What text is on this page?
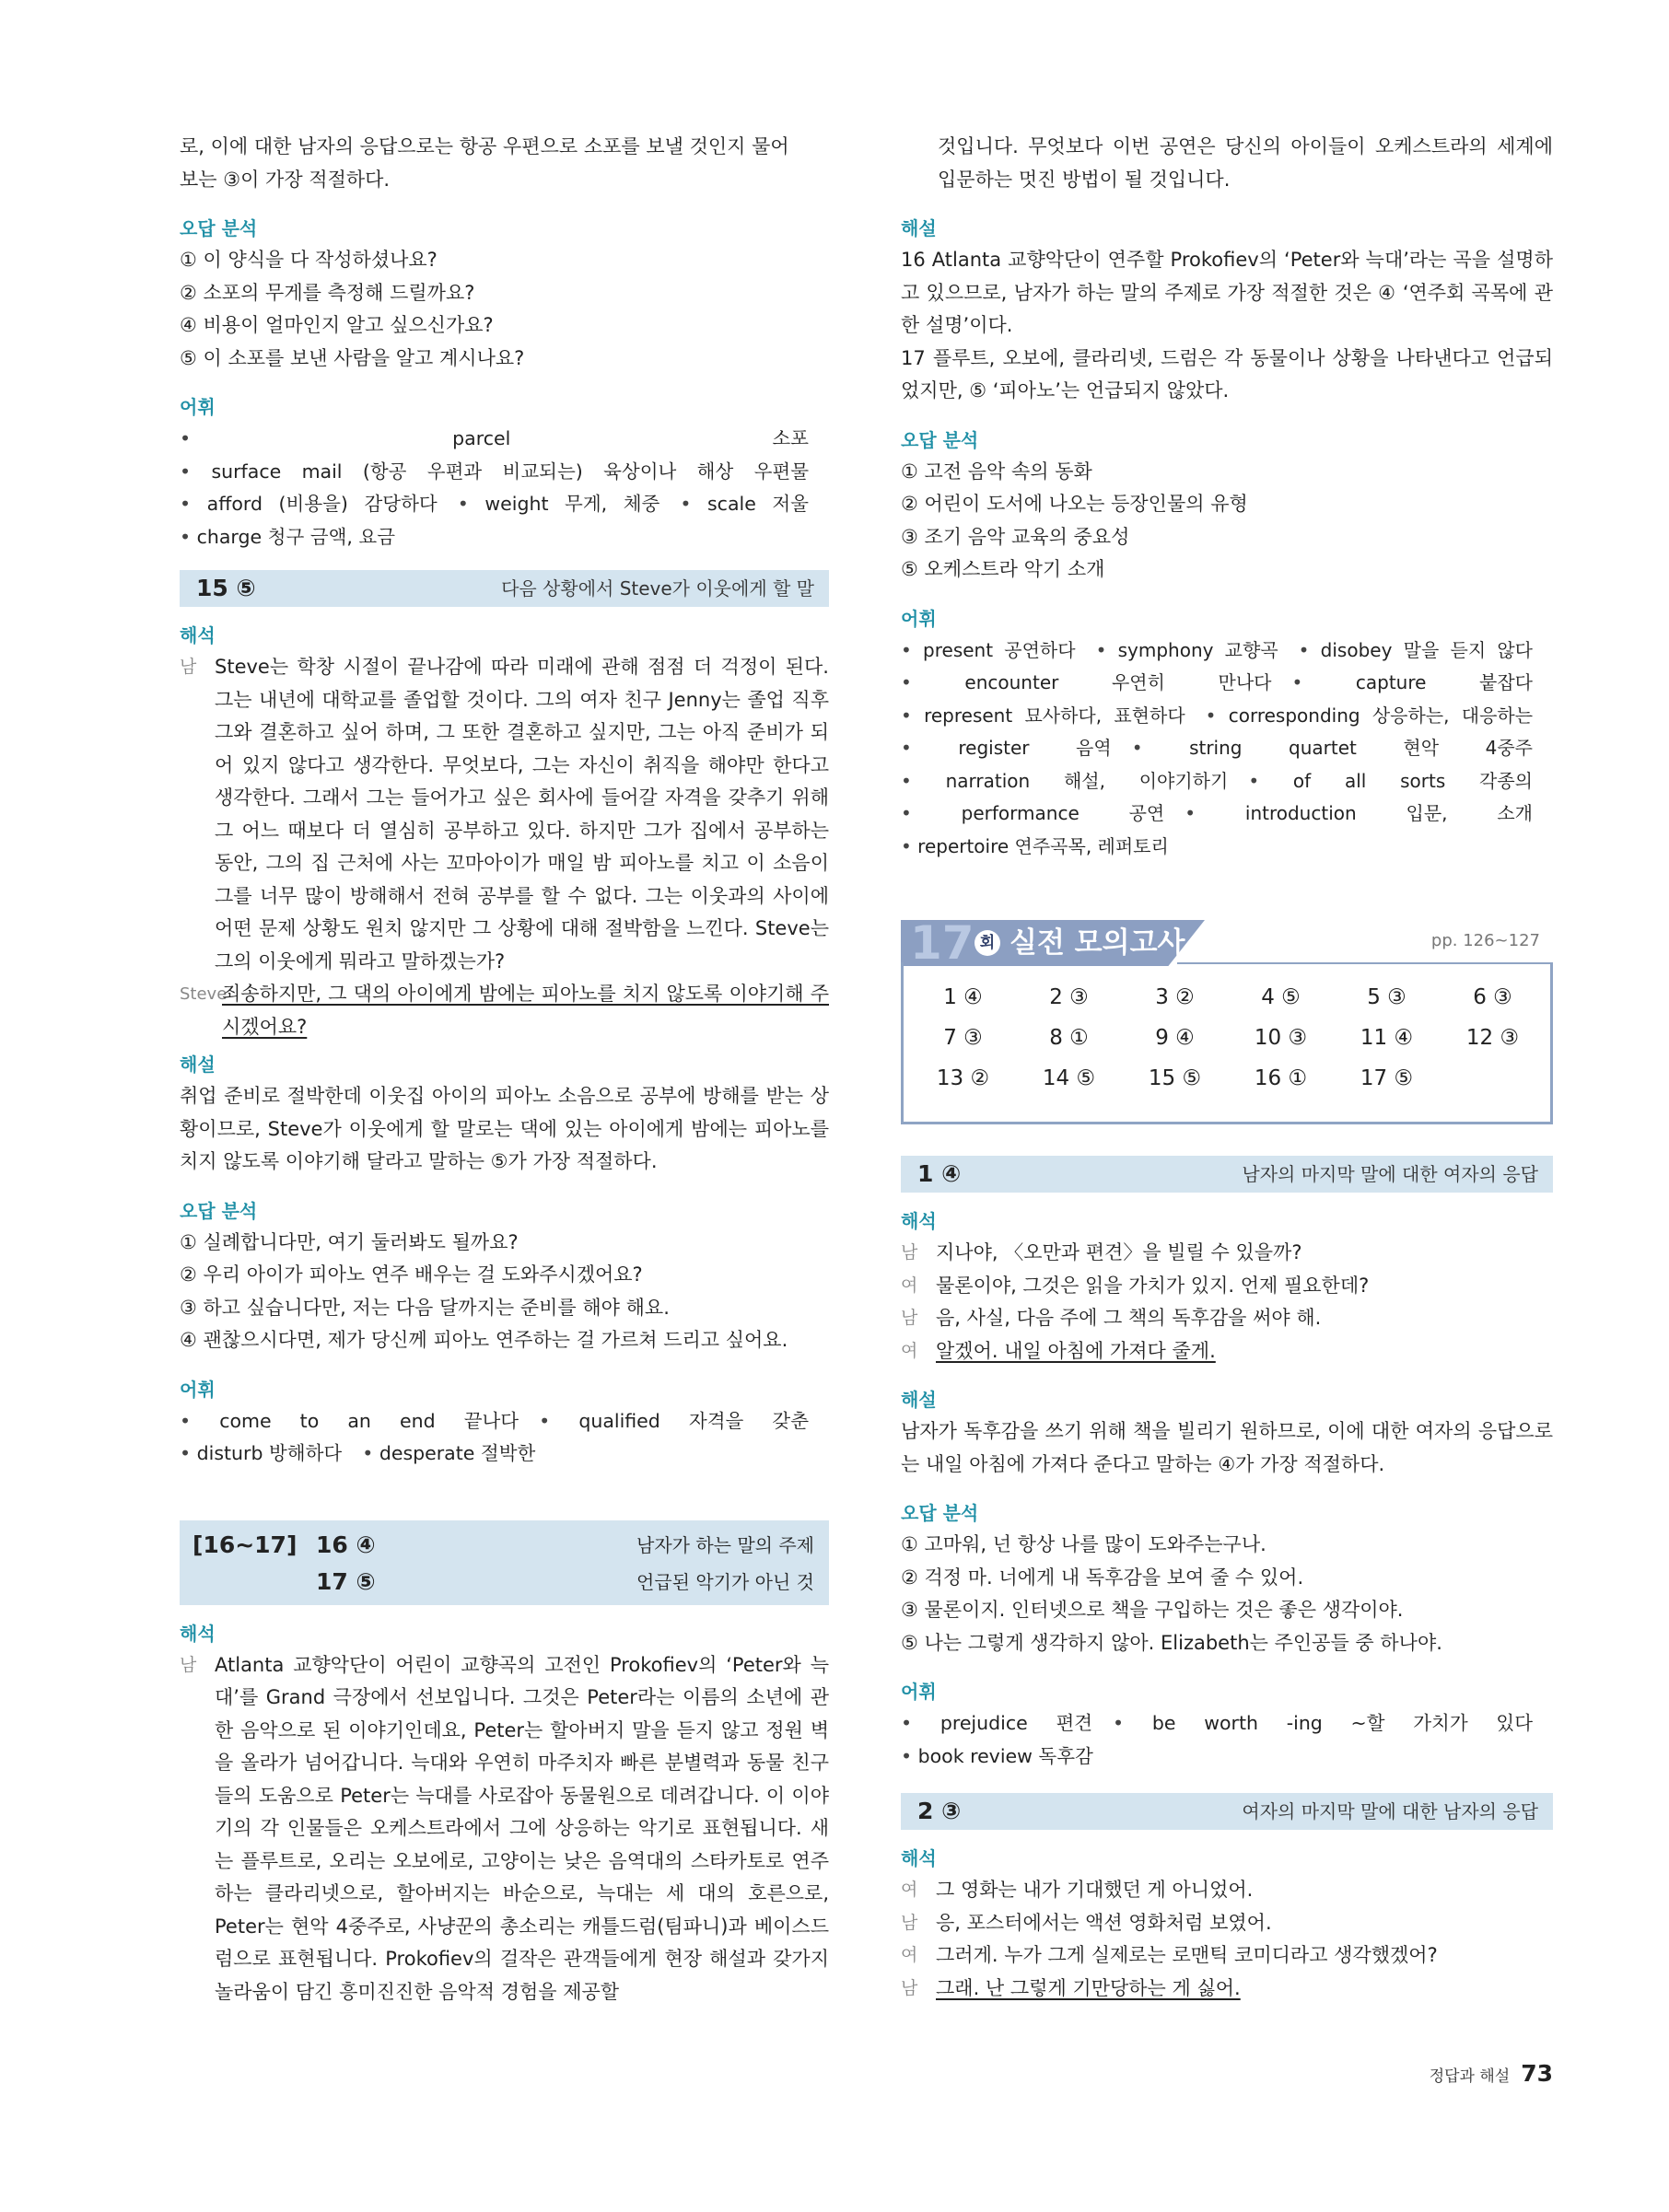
로, 이에 대한 남자의 응답으로는 항공 우편으로 소포를 보낼 것인지 물어

보는 ③이 가장 적절하다.

오답 분석

① 이 양식을 다 작성하셨나요?

② 소포의 무게를 측정해 드릴까요?

④ 비용이 얼마인지 알고 싶으신가요?

⑤ 이 소포를 보낸 사람을 알고 계시나요?

어휘

• parcel 소포• surface mail (항공 우편과 비교되는) 육상이나 해상 우편물• afford (비용을) 감당하다	• weight 무게, 체중	• scale 저울• charge 청구 금액, 요금

15 ⑤	다음 상황에서 Steve가 이웃에게 할 말

해석

남 Steve는 학창 시절이 끝나감에 따라 미래에 관해 점점 더 걱정이 된다. 그는 내년에 대학교를 졸업할 것이다. 그의 여자 친구 Jenny는 졸업 직후 그와 결혼하고 싶어 하며, 그 또한 결혼하고 싶지만, 그는 아직 준비가 되어 있지 않다고 생각한다. 무엇보다, 그는 자신이 취직을 해야만 한다고 생각한다. 그래서 그는 들어가고 싶은 회사에 들어갈 자격을 갖추기 위해 그 어느 때보다 더 열심히 공부하고 있다. 하지만 그가 집에서 공부하는 동안, 그의 집 근처에 사는 꼬마아이가 매일 밤 피아노를 치고 이 소음이 그를 너무 많이 방해해서 전혀 공부를 할 수 없다. 그는 이웃과의 사이에 어떤 문제 상황도 원치 않지만 그 상황에 대해 절박함을 느낀다. Steve는 그의 이웃에게 뭐라고 말하겠는가?
Steve
죄송하지만, 그 댁의 아이에게 밤에는 피아노를 치지 않도록 이야기해 주시겠어요?

해설

취업 준비로 절박한데 이웃집 아이의 피아노 소음으로 공부에 방해를 받는 상황이므로, Steve가 이웃에게 할 말로는 댁에 있는 아이에게 밤에는 피아노를 치지 않도록 이야기해 달라고 말하는 ⑤가 가장 적절하다.

오답 분석

① 실례합니다만, 여기 둘러봐도 될까요?

② 우리 아이가 피아노 연주 배우는 걸 도와주시겠어요?

③ 하고 싶습니다만, 저는 다음 달까지는 준비를 해야 해요.

④ 괜찮으시다면, 제가 당신께 피아노 연주하는 걸 가르쳐 드리고 싶어요.

어휘

• come to an end 끝나다	• qualified 자격을 갖춘• disturb 방해하다 • desperate 절박한

[16~17] 16 ④
17 ⑤
남자가 하는 말의 주제
언급된 악기가 아닌 것

해석

남 Atlanta 교향악단이 어린이 교향곡의 고전인 Prokofiev의 ‘Peter와 늑대’를 Grand 극장에서 선보입니다. 그것은 Peter라는 이름의 소년에 관한 음악으로 된 이야기인데요, Peter는 할아버지 말을 듣지 않고 정원 벽을 올라가 넘어갑니다. 늑대와 우연히 마주치자 빠른 분별력과 동물 친구들의 도움으로 Peter는 늑대를 사로잡아 동물원으로 데려갑니다. 이 이야기의 각 인물들은 오케스트라에서 그에 상응하는 악기로 표현됩니다. 새는 플루트로, 오리는 오보에로, 고양이는 낮은 음역대의 스타카토로 연주하는 클라리넷으로, 할아버지는 바순으로, 늑대는 세 대의 호른으로, Peter는 현악 4중주로, 사냥꾼의 총소리는 캐틀드럼(팀파니)과 베이스드럼으로 표현됩니다. Prokofiev의 걸작은 관객들에게 현장 해설과 갖가지 놀라움이 담긴 흥미진진한 음악적 경험을 제공할

것입니다. 무엇보다 이번 공연은 당신의 아이들이 오케스트라의 세계에 입문하는 멋진 방법이 될 것입니다.

해설

16 Atlanta 교향악단이 연주할 Prokofiev의 ‘Peter와 늑대’라는 곡을 설명하고 있으므로, 남자가 하는 말의 주제로 가장 적절한 것은 ④ ‘연주회 곡목에 관한 설명’이다.

17 플루트, 오보에, 클라리넷, 드럼은 각 동물이나 상황을 나타낸다고 언급되었지만, ⑤ ‘피아노’는 언급되지 않았다.

오답 분석

① 고전 음악 속의 동화

② 어린이 도서에 나오는 등장인물의 유형

③ 조기 음악 교육의 중요성

⑤ 오케스트라 악기 소개

어휘

• present 공연하다 • symphony 교향곡 • disobey 말을 듣지 않다• encounter 우연히 만나다	• capture 붙잡다• represent 묘사하다, 표현하다 • corresponding 상응하는, 대응하는• register 음역	• string quartet 현악 4중주• narration 해설, 이야기하기	• of all sorts 각종의• performance 공연	• introduction 입문, 소개• repertoire 연주곡목, 레퍼토리

17 회 실전 모의고사	pp. 126~127
1 ④	2 ③	3 ②	4 ⑤	5 ③	6 ③
7 ③	8 ①	9 ④	10 ③	11 ④	12 ③
13 ②	14 ⑤	15 ⑤	16 ①	17 ⑤
1 ④	남자의 마지막 말에 대한 여자의 응답

해석

남 지나야, 〈오만과 편견〉을 빌릴 수 있을까?
여 물론이야, 그것은 읽을 가치가 있지. 언제 필요한데?
남 음, 사실, 다음 주에 그 책의 독후감을 써야 해.
여 알겠어. 내일 아침에 가져다 줄게.

해설

남자가 독후감을 쓰기 위해 책을 빌리기 원하므로, 이에 대한 여자의 응답으로는 내일 아침에 가져다 준다고 말하는 ④가 가장 적절하다.

오답 분석

① 고마워, 넌 항상 나를 많이 도와주는구나.

② 걱정 마. 너에게 내 독후감을 보여 줄 수 있어.

③ 물론이지. 인터넷으로 책을 구입하는 것은 좋은 생각이야.

⑤ 나는 그렇게 생각하지 않아. Elizabeth는 주인공들 중 하나야.

어휘

• prejudice 편견	• be worth -ing ~할 가치가 있다• book review 독후감

2 ③	여자의 마지막 말에 대한 남자의 응답

해석

여 그 영화는 내가 기대했던 게 아니었어.
남 응, 포스터에서는 액션 영화처럼 보였어.
여 그러게. 누가 그게 실제로는 로맨틱 코미디라고 생각했겠어?
남 그래. 난 그렇게 기만당하는 게 싫어.
정답과 해설 73
